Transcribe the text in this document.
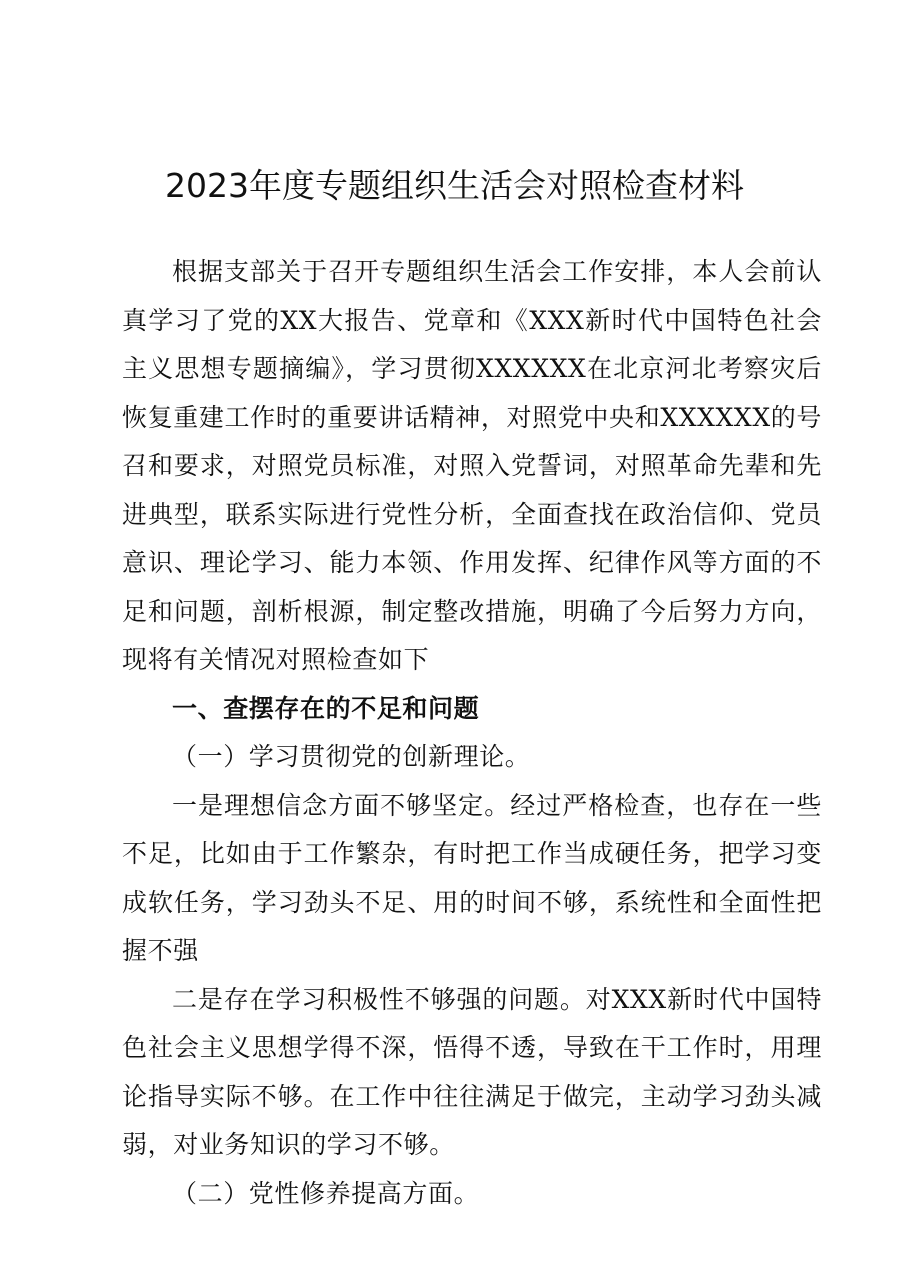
2023年度专题组织生活会对照检查材料

根据支部关于召开专题组织生活会工作安排，本人会前认真学习了党的XX大报告、党章和《XXX新时代中国特色社会主义思想专题摘编》，学习贯彻XXXXXX在北京河北考察灾后恢复重建工作时的重要讲话精神，对照党中央和XXXXXX的号召和要求，对照党员标准，对照入党誓词，对照革命先辈和先进典型，联系实际进行党性分析，全面查找在政治信仰、党员意识、理论学习、能力本领、作用发挥、纪律作风等方面的不足和问题，剖析根源，制定整改措施，明确了今后努力方向，现将有关情况对照检查如下

一、查摆存在的不足和问题

（一）学习贯彻党的创新理论。

一是理想信念方面不够坚定。经过严格检查，也存在一些不足，比如由于工作繁杂，有时把工作当成硬任务，把学习变成软任务，学习劲头不足、用的时间不够，系统性和全面性把握不强

二是存在学习积极性不够强的问题。对XXX新时代中国特色社会主义思想学得不深，悟得不透，导致在干工作时，用理论指导实际不够。在工作中往往满足于做完，主动学习劲头减弱，对业务知识的学习不够。

（二）党性修养提高方面。
